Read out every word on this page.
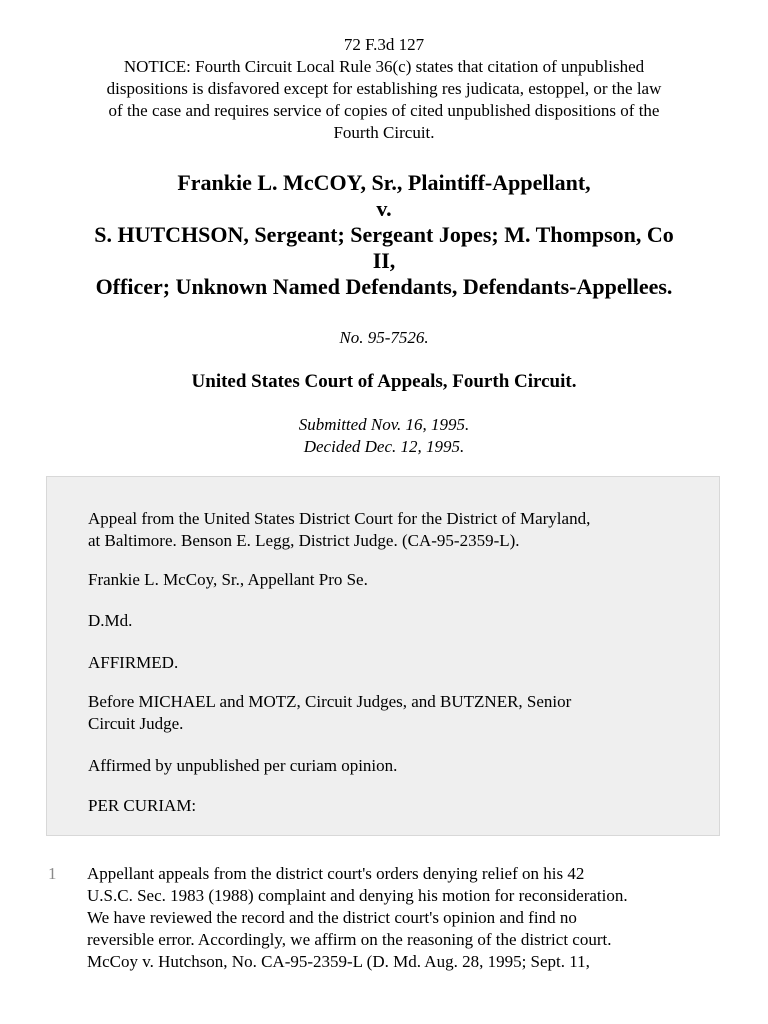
72 F.3d 127
NOTICE: Fourth Circuit Local Rule 36(c) states that citation of unpublished
dispositions is disfavored except for establishing res judicata, estoppel, or the law
of the case and requires service of copies of cited unpublished dispositions of the
Fourth Circuit.
Frankie L. McCOY, Sr., Plaintiff-Appellant,
v.
S. HUTCHSON, Sergeant; Sergeant Jopes; M. Thompson, Co
II,
Officer; Unknown Named Defendants, Defendants-Appellees.
No. 95-7526.
United States Court of Appeals, Fourth Circuit.
Submitted Nov. 16, 1995.
Decided Dec. 12, 1995.

Appeal from the United States District Court for the District of Maryland,

at Baltimore. Benson E. Legg, District Judge. (CA-95-2359-L).

Frankie L. McCoy, Sr., Appellant Pro Se.

D.Md.

AFFIRMED.

Before MICHAEL and MOTZ, Circuit Judges, and BUTZNER, Senior

Circuit Judge.

Affirmed by unpublished per curiam opinion.

PER CURIAM:

1 Appellant appeals from the district court's orders denying relief on his 42
U.S.C. Sec. 1983 (1988) complaint and denying his motion for reconsideration.
We have reviewed the record and the district court's opinion and find no
reversible error. Accordingly, we affirm on the reasoning of the district court.
McCoy v. Hutchson, No. CA-95-2359-L (D. Md. Aug. 28, 1995; Sept. 11,
